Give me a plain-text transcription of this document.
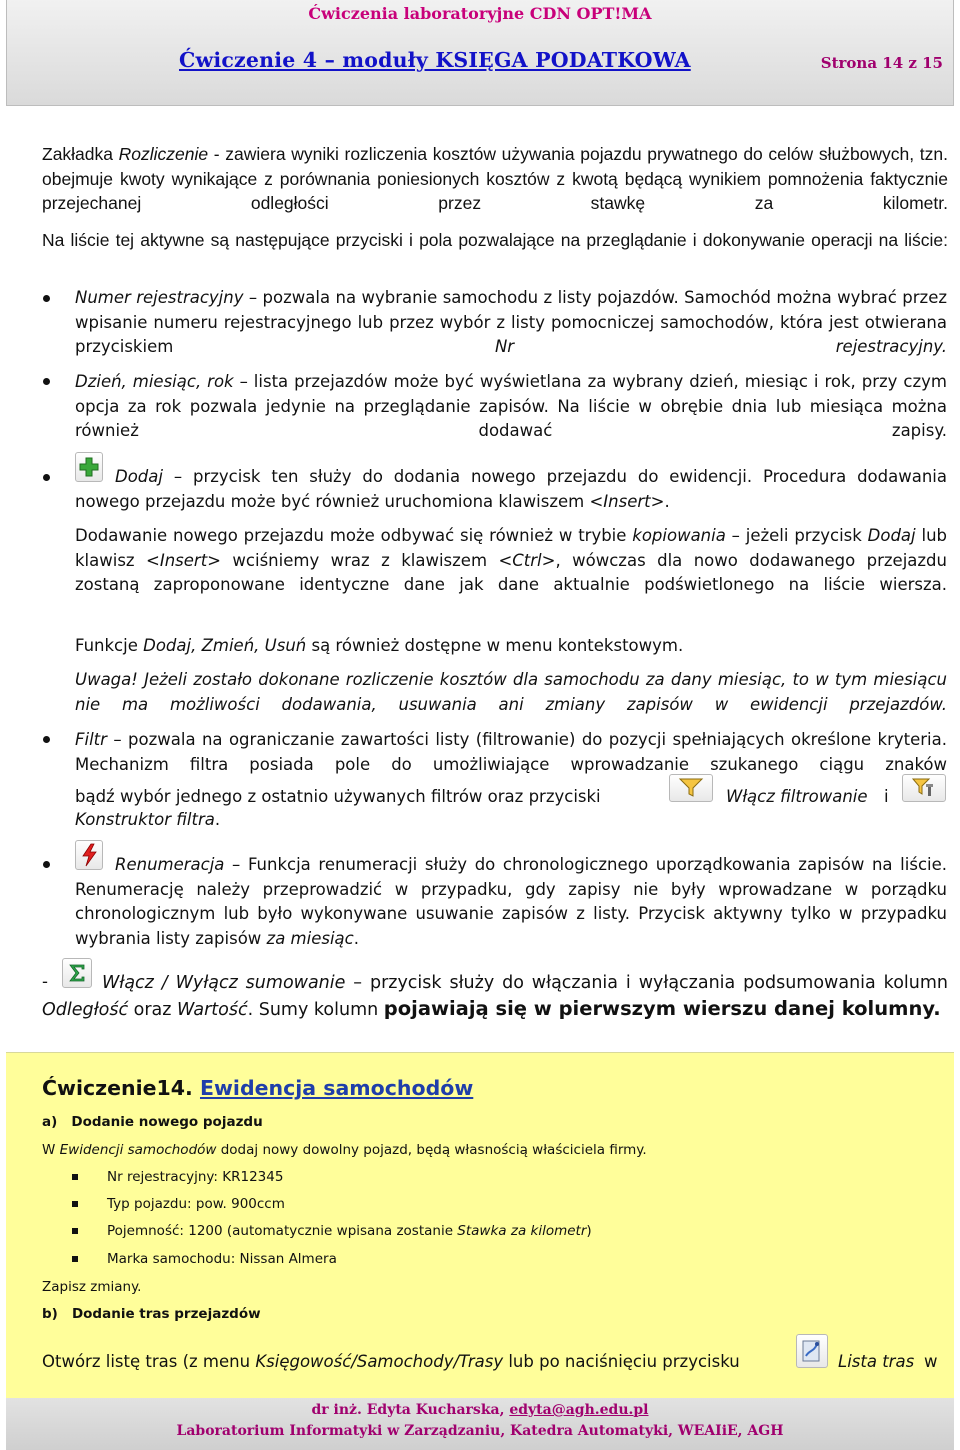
Ćwiczenia laboratoryjne CDN OPT!MA
Ćwiczenie 4 – moduły KSIĘGA PODATKOWA	Strona 14 z 15
Zakładka Rozliczenie - zawiera wyniki rozliczenia kosztów używania pojazdu prywatnego do celów służbowych, tzn. obejmuje kwoty wynikające z porównania poniesionych kosztów z kwotą będącą wynikiem pomnożenia faktycznie przejechanej odległości przez stawkę za kilometr.
Na liście tej aktywne są następujące przyciski i pola pozwalające na przeglądanie i dokonywanie operacji na liście:
Numer rejestracyjny – pozwala na wybranie samochodu z listy pojazdów. Samochód można wybrać przez wpisanie numeru rejestracyjnego lub przez wybór z listy pomocniczej samochodów, która jest otwierana przyciskiem Nr rejestracyjny.
Dzień, miesiąc, rok – lista przejazdów może być wyświetlana za wybrany dzień, miesiąc i rok, przy czym opcja za rok pozwala jedynie na przeglądanie zapisów. Na liście w obrębie dnia lub miesiąca można również dodawać zapisy.
Dodaj – przycisk ten służy do dodania nowego przejazdu do ewidencji. Procedura dodawania nowego przejazdu może być również uruchomiona klawiszem <Insert>.
Dodawanie nowego przejazdu może odbywać się również w trybie kopiowania – jeżeli przycisk Dodaj lub klawisz <Insert> wciśniemy wraz z klawiszem <Ctrl>, wówczas dla nowo dodawanego przejazdu zostaną zaproponowane identyczne dane jak dane aktualnie podświetlonego na liście wiersza.
Funkcje Dodaj, Zmień, Usuń są również dostępne w menu kontekstowym.
Uwaga! Jeżeli zostało dokonane rozliczenie kosztów dla samochodu za dany miesiąc, to w tym miesiącu nie ma możliwości dodawania, usuwania ani zmiany zapisów w ewidencji przejazdów.
Filtr – pozwala na ograniczanie zawartości listy (filtrowanie) do pozycji spełniających określone kryteria. Mechanizm filtra posiada pole do umożliwiające wprowadzanie szukanego ciągu znaków
bądź wybór jednego z ostatnio używanych filtrów oraz przyciski	Włącz filtrowanie i
Konstruktor filtra.
Renumeracja – Funkcja renumeracji służy do chronologicznego uporządkowania zapisów na liście. Renumerację należy przeprowadzić w przypadku, gdy zapisy nie były wprowadzane w porządku chronologicznym lub było wykonywane usuwanie zapisów z listy. Przycisk aktywny tylko w przypadku wybrania listy zapisów za miesiąc.
-	Włącz / Wyłącz sumowanie – przycisk służy do włączania i wyłączania podsumowania kolumn Odległość oraz Wartość. Sumy kolumn pojawiają się w pierwszym wierszu danej kolumny.
Ćwiczenie14. Ewidencja samochodów
a) Dodanie nowego pojazdu
W Ewidencji samochodów dodaj nowy dowolny pojazd, będą własnością właściciela firmy.
Nr rejestracyjny: KR12345
Typ pojazdu: pow. 900ccm
Pojemność: 1200 (automatycznie wpisana zostanie Stawka za kilometr)
Marka samochodu: Nissan Almera
Zapisz zmiany.
b) Dodanie tras przejazdów
Otwórz listę tras (z menu Księgowość/Samochody/Trasy lub po naciśnięciu przycisku	Lista tras w
dr inż. Edyta Kucharska, edyta@agh.edu.pl
Laboratorium Informatyki w Zarządzaniu, Katedra Automatyki, WEAIiE, AGH
